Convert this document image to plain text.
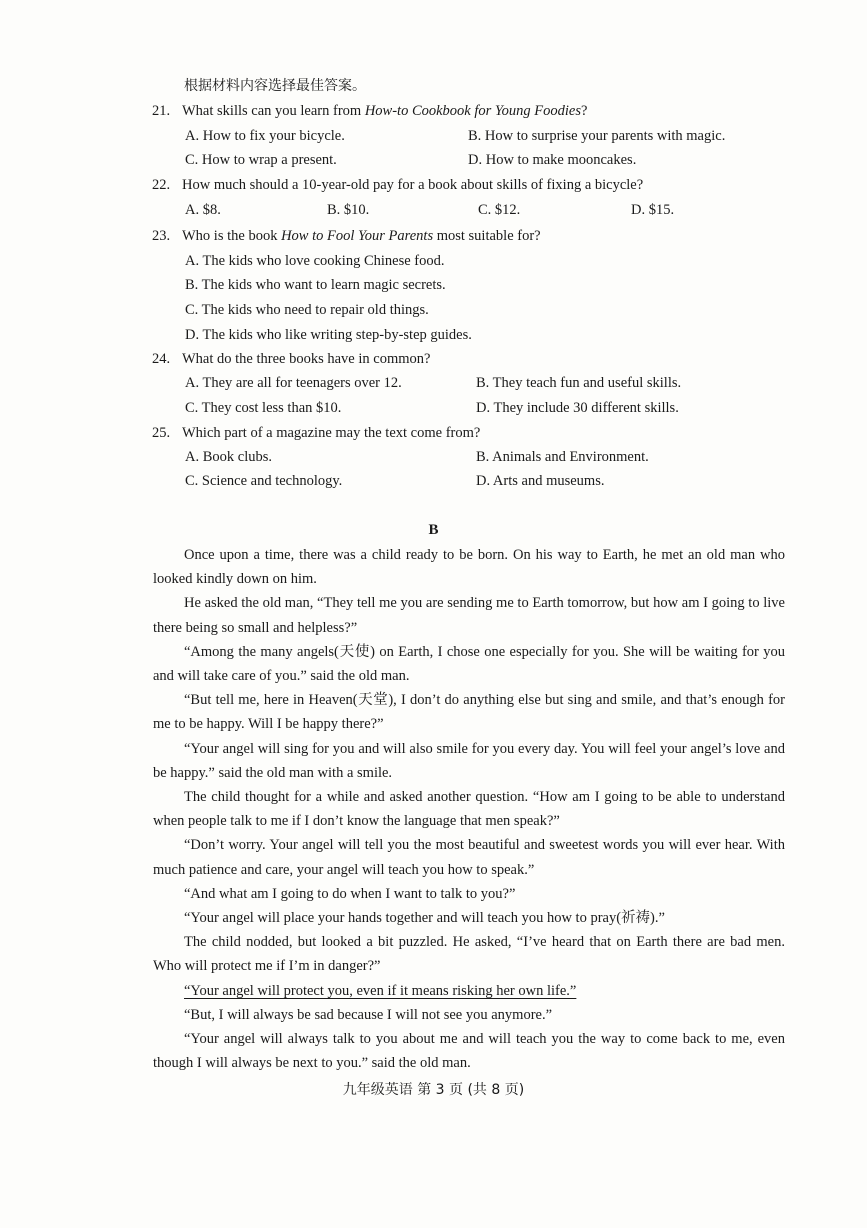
根据材料内容选择最佳答案。
21. What skills can you learn from How-to Cookbook for Young Foodies?
A. How to fix your bicycle.	B. How to surprise your parents with magic.
C. How to wrap a present.	D. How to make mooncakes.
22. How much should a 10-year-old pay for a book about skills of fixing a bicycle?
A. $8.	B. $10.	C. $12.	D. $15.
23. Who is the book How to Fool Your Parents most suitable for?
A. The kids who love cooking Chinese food.
B. The kids who want to learn magic secrets.
C. The kids who need to repair old things.
D. The kids who like writing step-by-step guides.
24. What do the three books have in common?
A. They are all for teenagers over 12.	B. They teach fun and useful skills.
C. They cost less than $10.	D. They include 30 different skills.
25. Which part of a magazine may the text come from?
A. Book clubs.	B. Animals and Environment.
C. Science and technology.	D. Arts and museums.
B
Once upon a time, there was a child ready to be born. On his way to Earth, he met an old man who looked kindly down on him.
He asked the old man, “They tell me you are sending me to Earth tomorrow, but how am I going to live there being so small and helpless?”
“Among the many angels(天使) on Earth, I chose one especially for you. She will be waiting for you and will take care of you.” said the old man.
“But tell me, here in Heaven(天堂), I don’t do anything else but sing and smile, and that’s enough for me to be happy. Will I be happy there?”
“Your angel will sing for you and will also smile for you every day. You will feel your angel’s love and be happy.” said the old man with a smile.
The child thought for a while and asked another question. “How am I going to be able to understand when people talk to me if I don’t know the language that men speak?”
“Don’t worry. Your angel will tell you the most beautiful and sweetest words you will ever hear. With much patience and care, your angel will teach you how to speak.”
“And what am I going to do when I want to talk to you?”
“Your angel will place your hands together and will teach you how to pray(祈祷).”
The child nodded, but looked a bit puzzled. He asked, “I’ve heard that on Earth there are bad men. Who will protect me if I’m in danger?”
“Your angel will protect you, even if it means risking her own life.”
“But, I will always be sad because I will not see you anymore.”
“Your angel will always talk to you about me and will teach you the way to come back to me, even though I will always be next to you.” said the old man.
九年级英语 第 3 页 (共 8 页)
